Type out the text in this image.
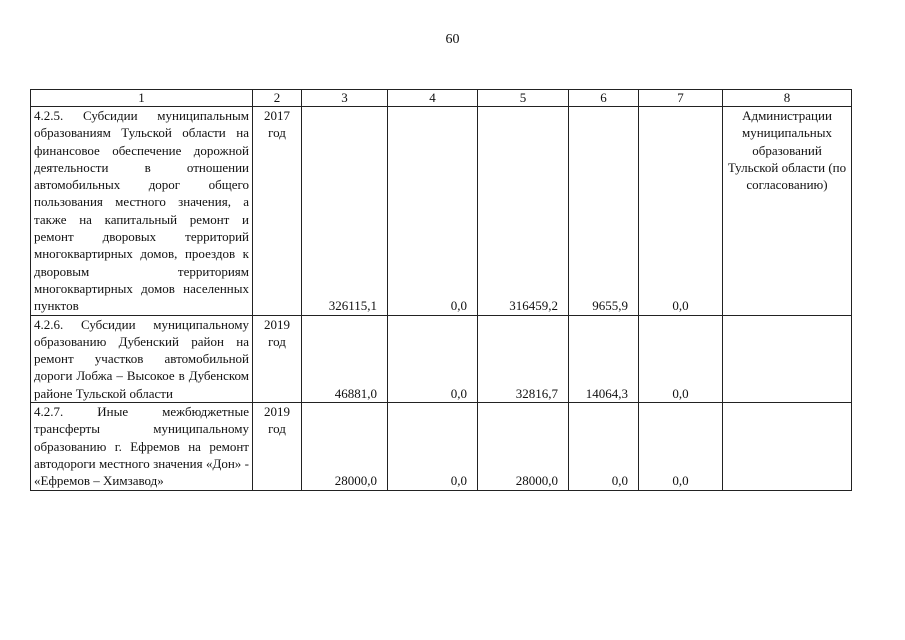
60
1	2	3	4	5	6	7	8
4.2.5. Субсидии муниципальным образованиям Тульской области на финансовое обеспечение дорожной деятельности в отношении автомобильных дорог общего пользования местного значения, а также на капитальный ремонт и ремонт дворовых территорий многоквартирных домов, проездов к дворовым территориям многоквартирных домов населенных пунктов	2017 год	326115,1	0,0	316459,2	9655,9	0,0	Администрации муниципальных образований Тульской области (по согласованию)
4.2.6. Субсидии муниципальному образованию Дубенский район на ремонт участков автомобильной дороги Лобжа – Высокое в Дубенском районе Тульской области	2019 год	46881,0	0,0	32816,7	14064,3	0,0	
4.2.7. Иные межбюджетные трансферты муниципальному образованию г. Ефремов на ремонт автодороги местного значения «Дон» - «Ефремов – Химзавод»	2019 год	28000,0	0,0	28000,0	0,0	0,0	
